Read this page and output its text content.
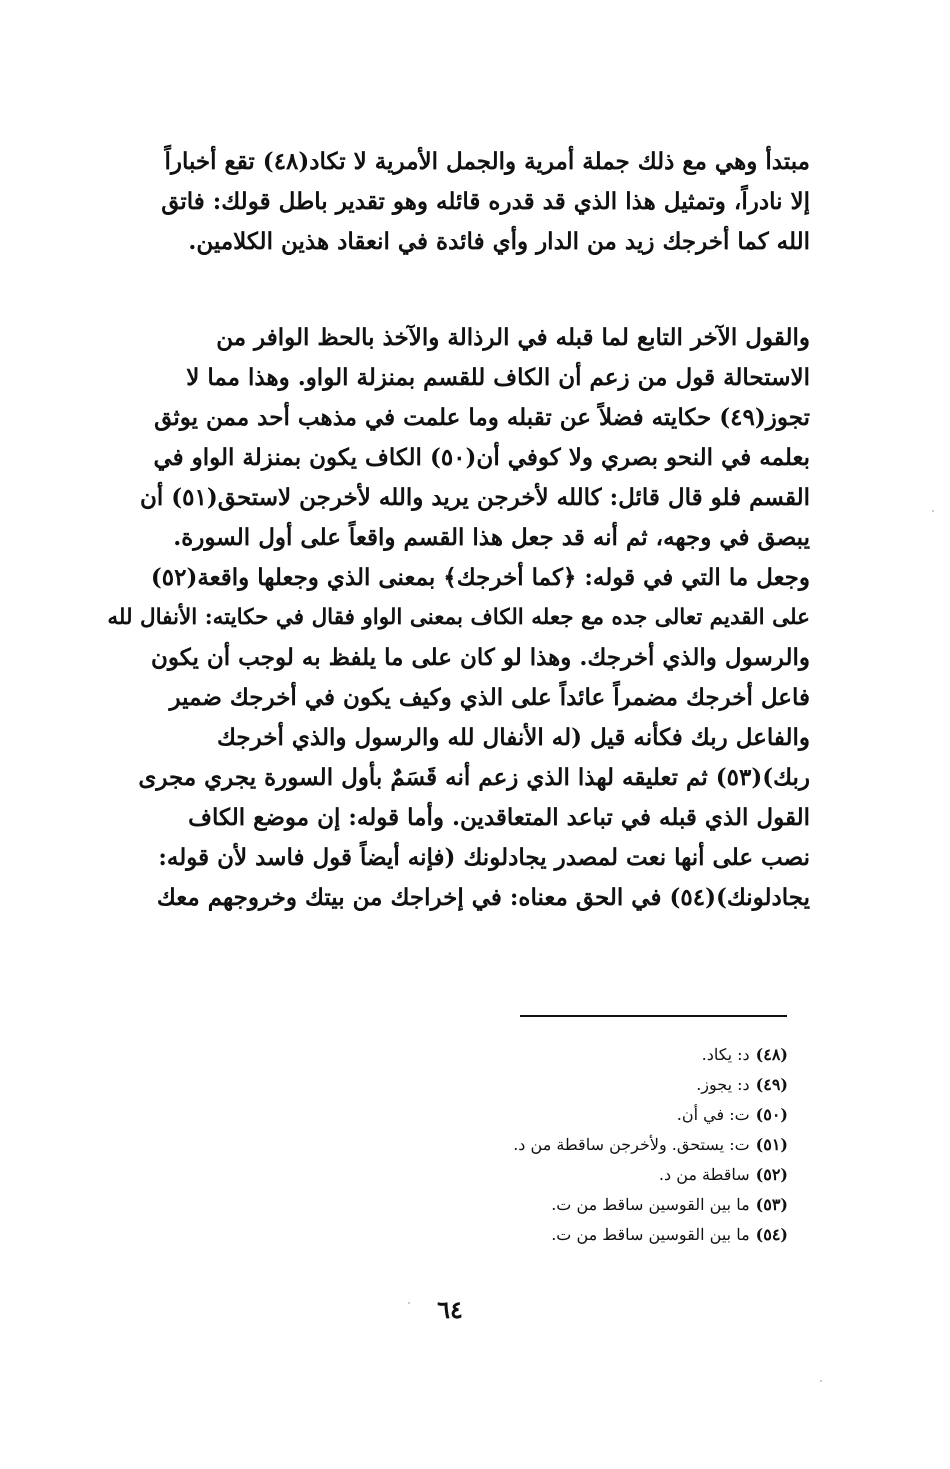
مبتدأ وهي مع ذلك جملة أمرية والجمل الأمرية لا تكاد(٤٨) تقع أخباراً
إلا نادراً، وتمثيل هذا الذي قد قدره قائله وهو تقدير باطل قولك: فاتق
الله كما أخرجك زيد من الدار وأي فائدة في انعقاد هذين الكلامين.
والقول الآخر التابع لما قبله في الرذالة والآخذ بالحظ الوافر من
الاستحالة قول من زعم أن الكاف للقسم بمنزلة الواو. وهذا مما لا
تجوز(٤٩) حكايته فضلاً عن تقبله وما علمت في مذهب أحد ممن يوثق
بعلمه في النحو بصري ولا كوفي أن(٥٠) الكاف يكون بمنزلة الواو في
القسم فلو قال قائل: كالله لأخرجن يريد والله لأخرجن لاستحق(٥١) أن
يبصق في وجهه، ثم أنه قد جعل هذا القسم واقعاً على أول السورة.
وجعل ما التي في قوله: ﴿كما أخرجك﴾ بمعنى الذي وجعلها واقعة(٥٢)
على القديم تعالى جده مع جعله الكاف بمعنى الواو فقال في حكايته: الأنفال لله
والرسول والذي أخرجك. وهذا لو كان على ما يلفظ به لوجب أن يكون
فاعل أخرجك مضمراً عائداً على الذي وكيف يكون في أخرجك ضمير
والفاعل ربك فكأنه قيل (له الأنفال لله والرسول والذي أخرجك
ربك)(٥٣) ثم تعليقه لهذا الذي زعم أنه قَسَمٌ بأول السورة يجري مجرى
القول الذي قبله في تباعد المتعاقدين. وأما قوله: إن موضع الكاف
نصب على أنها نعت لمصدر يجادلونك (فإنه أيضاً قول فاسد لأن قوله:
يجادلونك)(٥٤) في الحق معناه: في إخراجك من بيتك وخروجهم معك
(٤٨)د: يكاد.
(٤٩)د: يجوز.
(٥٠)ت: في أن.
(٥١)ت: يستحق. ولأخرجن ساقطة من د.
(٥٢)ساقطة من د.
(٥٣)ما بين القوسين ساقط من ت.
(٥٤)ما بين القوسين ساقط من ت.
٦٤
